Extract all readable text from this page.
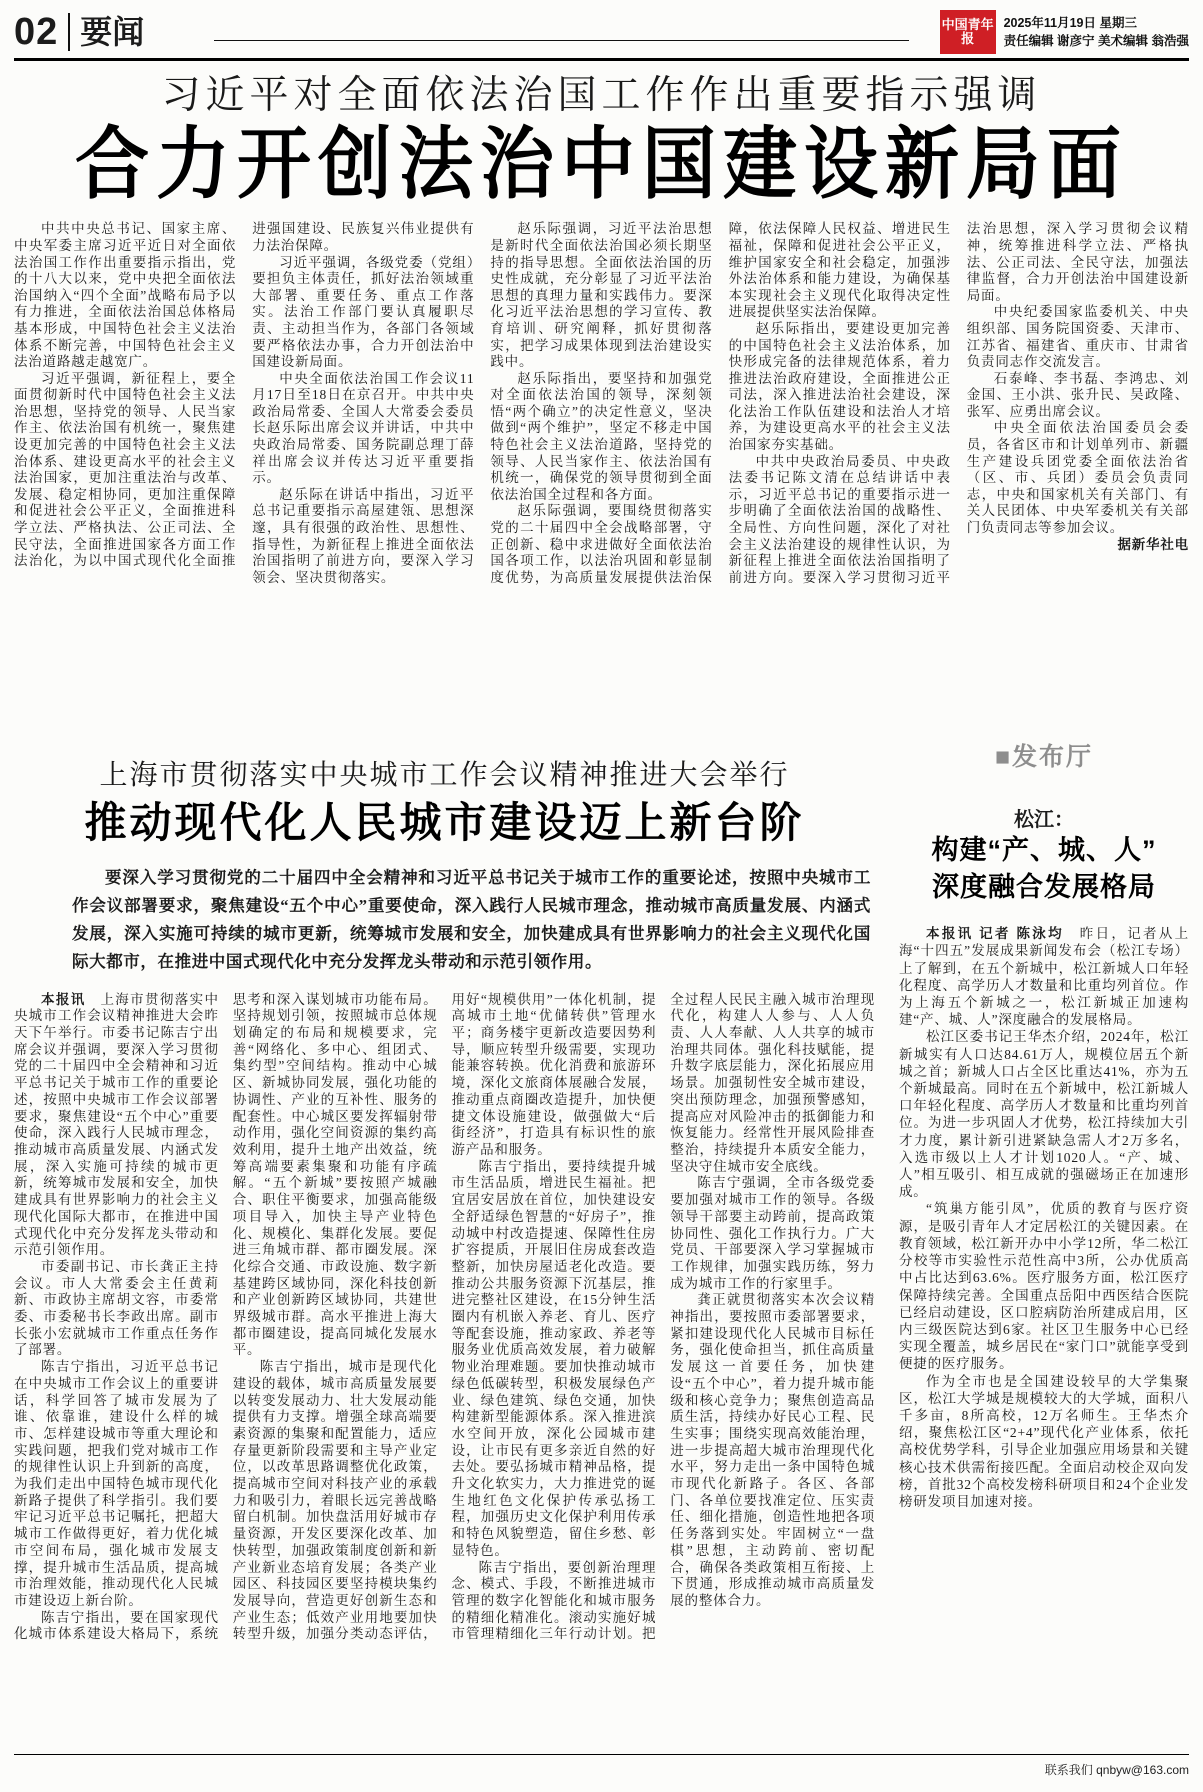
02 要闻	中国青年报
2025年11月19日 星期三
责任编辑 谢彦宁 美术编辑 翁浩强
习近平对全面依法治国工作作出重要指示强调
合力开创法治中国建设新局面

中共中央总书记、国家主席、中央军委主席习近平近日对全面依法治国工作作出重要指示指出，党的十八大以来，党中央把全面依法治国纳入“四个全面”战略布局予以有力推进，全面依法治国总体格局基本形成，中国特色社会主义法治体系不断完善，中国特色社会主义法治道路越走越宽广。

习近平强调，新征程上，要全面贯彻新时代中国特色社会主义法治思想，坚持党的领导、人民当家作主、依法治国有机统一，聚焦建设更加完善的中国特色社会主义法治体系、建设更高水平的社会主义法治国家，更加注重法治与改革、发展、稳定相协同，更加注重保障和促进社会公平正义，全面推进科学立法、严格执法、公正司法、全民守法，全面推进国家各方面工作法治化，为以中国式现代化全面推进强国建设、民族复兴伟业提供有力法治保障。

习近平强调，各级党委（党组）要担负主体责任，抓好法治领域重大部署、重要任务、重点工作落实。法治工作部门要认真履职尽责、主动担当作为，各部门各领域要严格依法办事，合力开创法治中国建设新局面。

中央全面依法治国工作会议11月17日至18日在京召开。中共中央政治局常委、全国人大常委会委员长赵乐际出席会议并讲话，中共中央政治局常委、国务院副总理丁薛祥出席会议并传达习近平重要指示。

赵乐际在讲话中指出，习近平总书记重要指示高屋建瓴、思想深邃，具有很强的政治性、思想性、指导性，为新征程上推进全面依法治国指明了前进方向，要深入学习领会、坚决贯彻落实。

赵乐际强调，习近平法治思想是新时代全面依法治国必须长期坚持的指导思想。全面依法治国的历史性成就，充分彰显了习近平法治思想的真理力量和实践伟力。要深化习近平法治思想的学习宣传、教育培训、研究阐释，抓好贯彻落实，把学习成果体现到法治建设实践中。

赵乐际指出，要坚持和加强党对全面依法治国的领导，深刻领悟“两个确立”的决定性意义，坚决做到“两个维护”，坚定不移走中国特色社会主义法治道路，坚持党的领导、人民当家作主、依法治国有机统一，确保党的领导贯彻到全面依法治国全过程和各方面。

赵乐际强调，要围绕贯彻落实党的二十届四中全会战略部署，守正创新、稳中求进做好全面依法治国各项工作，以法治巩固和彰显制度优势，为高质量发展提供法治保障，依法保障人民权益、增进民生福祉，保障和促进社会公平正义，维护国家安全和社会稳定，加强涉外法治体系和能力建设，为确保基本实现社会主义现代化取得决定性进展提供坚实法治保障。

赵乐际指出，要建设更加完善的中国特色社会主义法治体系，加快形成完备的法律规范体系，着力推进法治政府建设，全面推进公正司法，深入推进法治社会建设，深化法治工作队伍建设和法治人才培养，为建设更高水平的社会主义法治国家夯实基础。

中共中央政治局委员、中央政法委书记陈文清在总结讲话中表示，习近平总书记的重要指示进一步明确了全面依法治国的战略性、全局性、方向性问题，深化了对社会主义法治建设的规律性认识，为新征程上推进全面依法治国指明了前进方向。要深入学习贯彻习近平法治思想，深入学习贯彻会议精神，统筹推进科学立法、严格执法、公正司法、全民守法，加强法律监督，合力开创法治中国建设新局面。

中央纪委国家监委机关、中央组织部、国务院国资委、天津市、江苏省、福建省、重庆市、甘肃省负责同志作交流发言。

石泰峰、李书磊、李鸿忠、刘金国、王小洪、张升民、吴政隆、张军、应勇出席会议。

中央全面依法治国委员会委员，各省区市和计划单列市、新疆生产建设兵团党委全面依法治省（区、市、兵团）委员会负责同志，中央和国家机关有关部门、有关人民团体、中央军委机关有关部门负责同志等参加会议。

据新华社电

上海市贯彻落实中央城市工作会议精神推进大会举行
推动现代化人民城市建设迈上新台阶
要深入学习贯彻党的二十届四中全会精神和习近平总书记关于城市工作的重要论述，按照中央城市工作会议部署要求，聚焦建设“五个中心”重要使命，深入践行人民城市理念，推动城市高质量发展、内涵式发展，深入实施可持续的城市更新，统筹城市发展和安全，加快建成具有世界影响力的社会主义现代化国际大都市，在推进中国式现代化中充分发挥龙头带动和示范引领作用。

本报讯　上海市贯彻落实中央城市工作会议精神推进大会昨天下午举行。市委书记陈吉宁出席会议并强调，要深入学习贯彻党的二十届四中全会精神和习近平总书记关于城市工作的重要论述，按照中央城市工作会议部署要求，聚焦建设“五个中心”重要使命，深入践行人民城市理念，推动城市高质量发展、内涵式发展，深入实施可持续的城市更新，统筹城市发展和安全，加快建成具有世界影响力的社会主义现代化国际大都市，在推进中国式现代化中充分发挥龙头带动和示范引领作用。

市委副书记、市长龚正主持会议。市人大常委会主任黄莉新、市政协主席胡文容，市委常委、市委秘书长李政出席。副市长张小宏就城市工作重点任务作了部署。

陈吉宁指出，习近平总书记在中央城市工作会议上的重要讲话，科学回答了城市发展为了谁、依靠谁，建设什么样的城市、怎样建设城市等重大理论和实践问题，把我们党对城市工作的规律性认识上升到新的高度，为我们走出中国特色城市现代化新路子提供了科学指引。我们要牢记习近平总书记嘱托，把超大城市工作做得更好，着力优化城市空间布局，强化城市发展支撑，提升城市生活品质，提高城市治理效能，推动现代化人民城市建设迈上新台阶。

陈吉宁指出，要在国家现代化城市体系建设大格局下，系统思考和深入谋划城市功能布局。坚持规划引领，按照城市总体规划确定的布局和规模要求，完善“网络化、多中心、组团式、集约型”空间结构。推动中心城区、新城协同发展，强化功能的协调性、产业的互补性、服务的配套性。中心城区要发挥辐射带动作用，强化空间资源的集约高效利用，提升土地产出效益，统筹高端要素集聚和功能有序疏解。“五个新城”要按照产城融合、职住平衡要求，加强高能级项目导入，加快主导产业特色化、规模化、集群化发展。要促进三角城市群、都市圈发展。深化综合交通、市政设施、数字新基建跨区域协同，深化科技创新和产业创新跨区域协同，共建世界级城市群。高水平推进上海大都市圈建设，提高同城化发展水平。

陈吉宁指出，城市是现代化建设的载体，城市高质量发展要以转变发展动力、壮大发展动能提供有力支撑。增强全球高端要素资源的集聚和配置能力，适应存量更新阶段需要和主导产业定位，以改革思路调整优化政策，提高城市空间对科技产业的承载力和吸引力，着眼长远完善战略留白机制。加快盘活用好城市存量资源，开发区要深化改革、加快转型，加强政策制度创新和新产业新业态培育发展；各类产业园区、科技园区要坚持模块集约发展导向，营造更好创新生态和产业生态；低效产业用地要加快转型升级，加强分类动态评估，用好“规模供用”一体化机制，提高城市土地“优储转供”管理水平；商务楼宇更新改造要因势利导，顺应转型升级需要，实现功能兼容转换。优化消费和旅游环境，深化文旅商体展融合发展，推动重点商圈改造提升，加快便捷文体设施建设，做强做大“后街经济”，打造具有标识性的旅游产品和服务。

陈吉宁指出，要持续提升城市生活品质，增进民生福祉。把宜居安居放在首位，加快建设安全舒适绿色智慧的“好房子”，推动城中村改造提速、保障性住房扩容提质，开展旧住房成套改造整新，加快房屋适老化改造。要推动公共服务资源下沉基层，推进完整社区建设，在15分钟生活圈内有机嵌入养老、育儿、医疗等配套设施，推动家政、养老等服务业优质高效发展，着力破解物业治理难题。要加快推动城市绿色低碳转型，积极发展绿色产业、绿色建筑、绿色交通，加快构建新型能源体系。深入推进滨水空间开放，深化公园城市建设，让市民有更多亲近自然的好去处。要弘扬城市精神品格，提升文化软实力，大力推进党的诞生地红色文化保护传承弘扬工程，加强历史文化保护利用传承和特色风貌塑造，留住乡愁、彰显特色。

陈吉宁指出，要创新治理理念、模式、手段，不断推进城市管理的数字化智能化和城市服务的精细化精准化。滚动实施好城市管理精细化三年行动计划。把全过程人民民主融入城市治理现代化，构建人人参与、人人负责、人人奉献、人人共享的城市治理共同体。强化科技赋能，提升数字底层能力，深化拓展应用场景。加强韧性安全城市建设，突出预防理念，加强预警感知，提高应对风险冲击的抵御能力和恢复能力。经常性开展风险排查整治，持续提升本质安全能力，坚决守住城市安全底线。

陈吉宁强调，全市各级党委要加强对城市工作的领导。各级领导干部要主动跨前，提高政策协同性、强化工作执行力。广大党员、干部要深入学习掌握城市工作规律，加强实践历练，努力成为城市工作的行家里手。

龚正就贯彻落实本次会议精神指出，要按照市委部署要求，紧扣建设现代化人民城市目标任务，强化使命担当，抓住高质量发展这一首要任务，加快建设“五个中心”，着力提升城市能级和核心竞争力；聚焦创造高品质生活，持续办好民心工程、民生实事；围绕实现高效能治理，进一步提高超大城市治理现代化水平，努力走出一条中国特色城市现代化新路子。各区、各部门、各单位要找准定位、压实责任、细化措施，创造性地把各项任务落到实处。牢固树立“一盘棋”思想，主动跨前、密切配合，确保各类政策相互衔接、上下贯通，形成推动城市高质量发展的整体合力。

■发布厅
松江：
构建“产、城、人”
深度融合发展格局

本报讯 记者 陈泳均　昨日，记者从上海“十四五”发展成果新闻发布会（松江专场）上了解到，在五个新城中，松江新城人口年轻化程度、高学历人才数量和比重均列首位。作为上海五个新城之一，松江新城正加速构建“产、城、人”深度融合的发展格局。

松江区委书记王华杰介绍，2024年，松江新城实有人口达84.61万人，规模位居五个新城之首；新城人口占全区比重达41%，亦为五个新城最高。同时在五个新城中，松江新城人口年轻化程度、高学历人才数量和比重均列首位。为进一步巩固人才优势，松江持续加大引才力度，累计新引进紧缺急需人才2万多名，入选市级以上人才计划1020人。“产、城、人”相互吸引、相互成就的强磁场正在加速形成。

“筑巢方能引凤”，优质的教育与医疗资源，是吸引青年人才定居松江的关键因素。在教育领域，松江新开办中小学12所，华二松江分校等市实验性示范性高中3所，公办优质高中占比达到63.6%。医疗服务方面，松江医疗保障持续完善。全国重点岳阳中西医结合医院已经启动建设，区口腔病防治所建成启用，区内三级医院达到6家。社区卫生服务中心已经实现全覆盖，城乡居民在“家门口”就能享受到便捷的医疗服务。

作为全市也是全国建设较早的大学集聚区，松江大学城是规模较大的大学城，面积八千多亩，8所高校，12万名师生。王华杰介绍，聚焦松江区“2+4”现代化产业体系，依托高校优势学科，引导企业加强应用场景和关键核心技术供需衔接匹配。全面启动校企双向发榜，首批32个高校发榜科研项目和24个企业发榜研发项目加速对接。

联系我们 qnbyw@163.com
